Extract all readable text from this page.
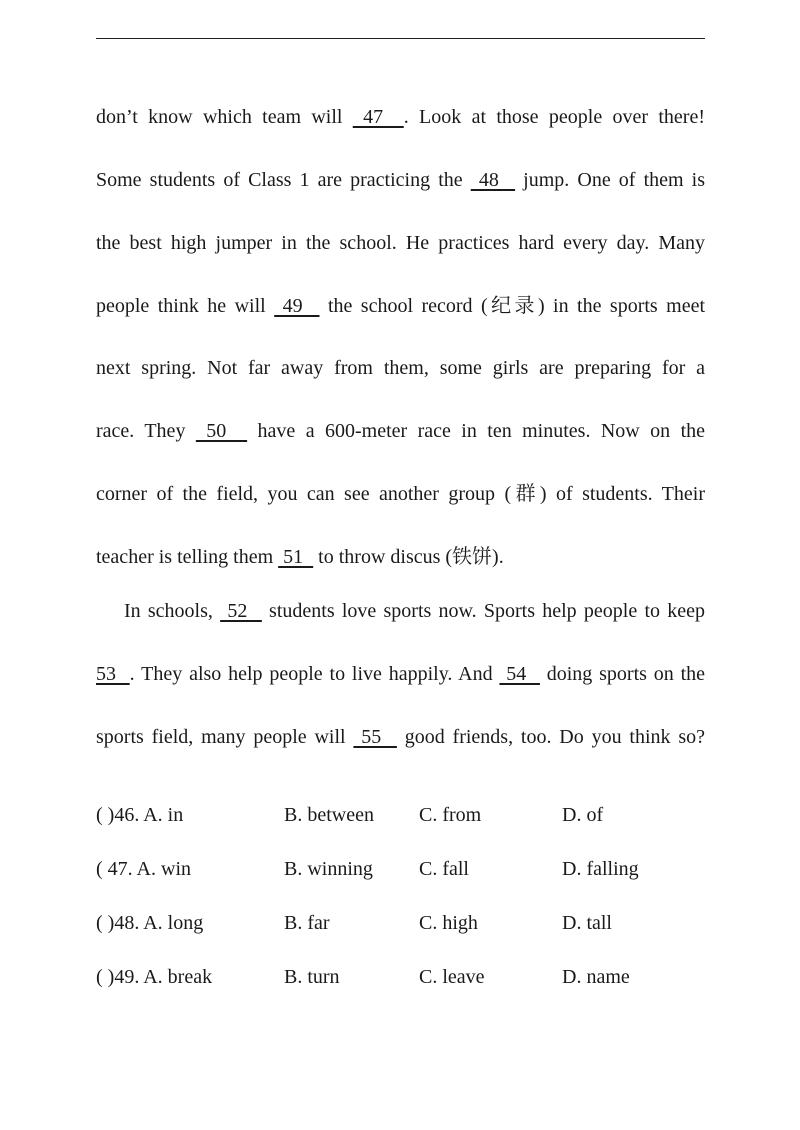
don’t know which team will  47  . Look at those people over there!
Some students of Class 1 are practicing the  48   jump. One of them is
the best high jumper in the school. He practices hard every day. Many
people think he will  49   the school record (纪录) in the sports meet
next spring. Not far away from them, some girls are preparing for a
race. They  50   have a 600-meter race in ten minutes. Now on the
corner of the field, you can see another group (群) of students. Their
teacher is telling them  51   to throw discus (铁饼).
In schools,  52   students love sports now. Sports help people to keep
53  . They also help people to live happily. And  54   doing sports on the
sports field, many people will  55   good friends, too. Do you think so?
( )46. A. in	B. between C. from	D. of
( 47. A. win	B. winning C. fall	D. falling
( )48. A. long	B. far	C. high	D. tall
( )49. A. break	B. turn	C. leave	D. name
